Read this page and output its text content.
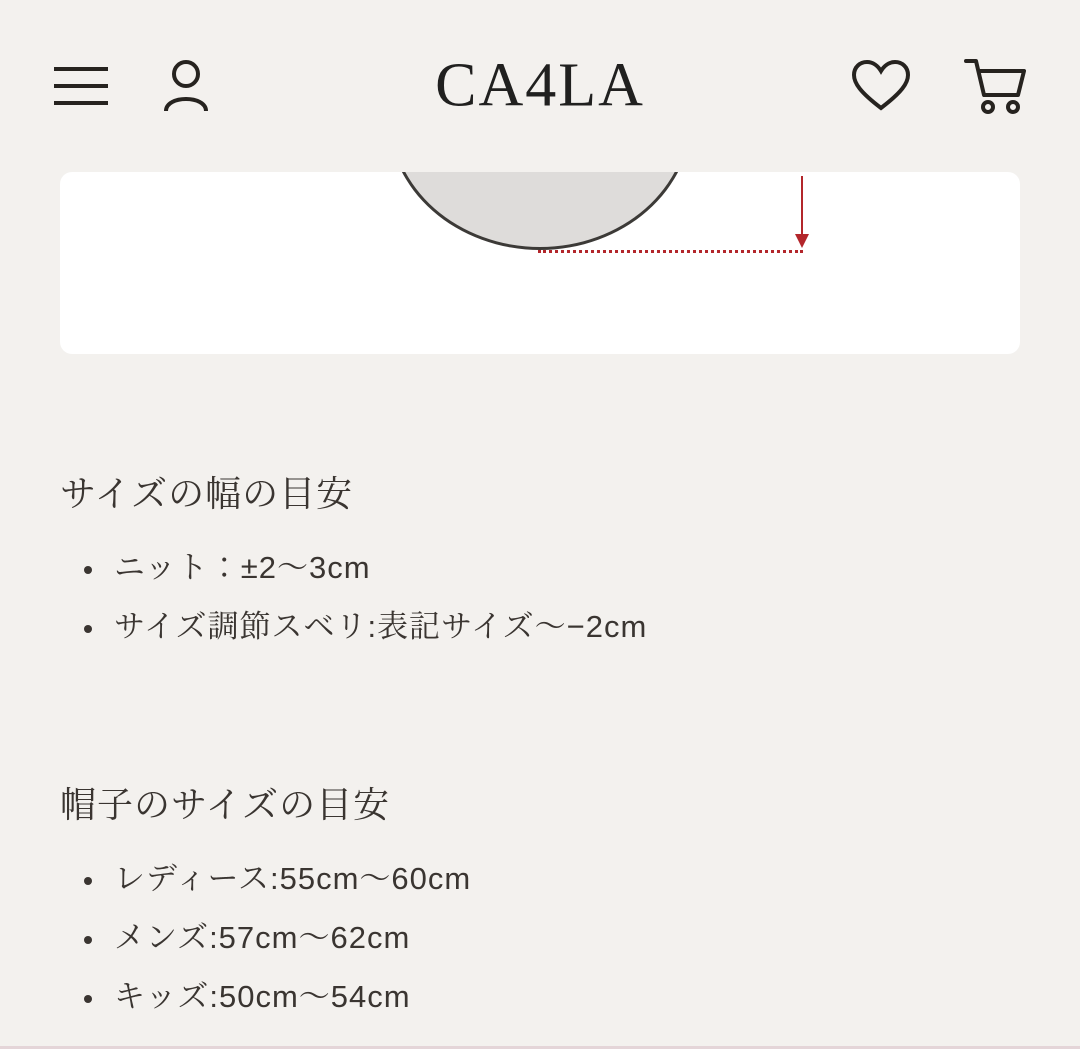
CA4LA
サイズの幅の目安
ニット：±2〜3cm
サイズ調節スベリ:表記サイズ〜−2cm
帽子のサイズの目安
レディース:55cm〜60cm
メンズ:57cm〜62cm
キッズ:50cm〜54cm
